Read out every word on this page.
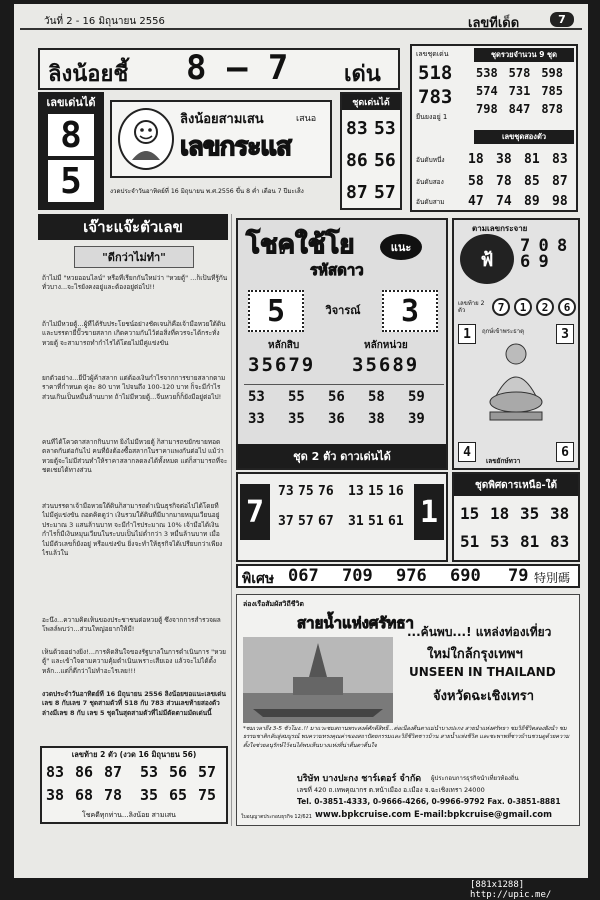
วันที่ 2 - 16 มิถุนายน 2556	เลขทีเด็ด	7
ลิงน้อยชี้ 8 – 7	เด่น
เลขเด่นได้
8
5
ลิงน้อยสามเสน	เสนอ
เลขกระแส
งวดประจำวันอาทิตย์ที่ 16 มิถุนายน พ.ศ.2556 ขึ้น 8 ค่ำ เดือน 7 ปีมะเส็ง
ชุดเด่นได้
83 53
86 56
87 57
เลขชุดเด่น
518
783
ยืนยงอยู่ 1
ชุดรวยจำนวน 9 ชุด
538	578	598
574	731	785
798	847	878
เลขชุดสองตัว
อันดับหนึ่ง 18 38 81 83
อันดับสอง 58 78 85 87
อันดับสาม 47 74 89 98
เจ๊าะแจ๊ะตัวเลข
"ดีกว่าไม่ทำ"

ถ้าไม่มี "หวยออนไลน์" หรือที่เรียกกันใหม่ว่า "หวยตู้" ...ก็เป็นที่รู้กันทั่วบาง...จะไรยังคงอยู่และต้องอยู่ต่อไป!!

ถ้าไม่มีหวยตู้...ผู้ที่ได้รับประโยชน์อย่างชัดเจนก็คือเจ้ามือหวยใต้ดิน และบรรดายี่ปั๊วขายสลาก เกิดความกันไว้ต่อสิ่งที่ควรจะได้กระทั่งหวยตู้ จะสามารถทำกำไรได้โดยไม่มีคู่แข่งขัน

ยกตัวอย่าง...ยี่ปั๊วผู้ค้าสลาก แต่ต้องเงินกำไรจากการขายสลากตามราคาที่กำหนด คู่ละ 80 บาท ไปจนถึง 100-120 บาท ก็จะมีกำไรส่วนเกินเป็นหมื่นล้านบาท ถ้าไม่มีหวยตู้...จีนหวยก็ก็ยังมีอยู่ต่อไป!

คนที่ได้โควตาสลากกินบาท ยิ่งไม่มีหวยตู้ ก็สามารถขยักขายทอดตลาดกันต่อกันไป คนที่ยังต้องซื้อสลากในราคาแพงกันต่อไป แม้ว่าหวยตู้จะไม่มีส่วนทำให้ราคาสลากลดลงได้ทั้งหมด แต่ก็สามารถที่จะชดเชยได้ทางส่วน

ส่วนบรรดาเจ้ามือหวยใต้ดินก็สามารถดำเนินธุรกิจต่อไปได้โดยที่ไม่มีคู่แข่งขัน ถอดคิดดูว่า เงินรวมใต้ดินที่มีมากมายหมุนเวียนอยู่ประมาณ 3 แสนล้านบาท จะมีกำไรประมาณ 10% เจ้ามือได้เงินกำไรก็มีเงินหมุนเวียนในระบบเป็นไม่ต่ำกว่า 3 หมื่นล้านบาท เมื่อไม่มีตัวเลขก็ยังอยู่ หรือแข่งขัน ยิ่งจะทำให้ธุรกิจได้เปรียบกว่าเพียงไรแล้วใน

อะนึ่ง...ความคิดเห็นของประชาชนต่อหวยตู้ ซึ่งจากการสำรวจผลโพลล์พบว่า...ส่วนใหญ่อยากให้มี!

เห็นด้วยอย่างยิ่ง!...การคิดสินใจของรัฐบาลในการดำเนินการ "หวยตู้" และเข้าใจตามความคุ้มดำเนินเพราะเสียเอง แล้วจะไม่ได้ตั้งหลัก...แต่ก็ดีกว่าไม่ทำอะไรเลย!!!

งวดประจำวันอาทิตย์ที่ 16 มิถุนายน 2556 ลิงน้อยขอแนะเลขเด่น เลข 8 กับเลข 7 ชุดสามตัวที่ 518 กับ 783 ส่วนเลขท้ายสองตัวล่างมีเลข 8 กับ เลข 5 ชุดในสุดสามตัวที่ไม่มีตัดตามมัดเด่นนี้

เลขท้าย 2 ตัว (งวด 16 มิถุนายน 56)
83 86 87 53 56 57
38 68 78 35 65 75
โชคดีทุกท่าน...ลิงน้อย สามเสน
โชคใช้โย	แนะ
รหัสดาว
5	วิจารณ์	3
หลักสิบ	หลักหน่วย
35679 35689
53 55 56 58 59
33 35 36 38 39
ชุด 2 ตัว ดาวเด่นได้
ตามเลขกระจาย
ฟ้
7 0 8 6 9
เลขท้าย 2 ตัว	7	1	2	6
1	3
ฤกษ์เข้าพระธาตุ
4	6
เลขยักษ์ทวา
7
73 75 76 13 15 16
37 57 67 31 51 61 1
ชุดพิศดารเหนือ-ใต้
15 18 35 38
51 53 81 83
พิเศษ 067 709 976 690 79 特別碼
ล่องเรือสัมผัสวิถีชีวิต
สายน้ำแห่งศรัทธา
...ค้นพบ...! แหล่งท่องเที่ยว
ใหม่ใกล้กรุงเทพฯ
UNSEEN IN THAILAND
จังหวัดฉะเชิงเทรา

*ชมเวลาถึง 3-5 ชั่วโมง..!! มาแวะชมสถานพระสงค์ศักดิ์สิทธิ์...ต่อเนื่องตื่นตาแม่น้ำบางปะกง สายน้ำแห่งศรัทธา ชมวิถีชีวิตสองฝั่งน้ำ ชมธรรมชาติกลับสู่สมบูรณ์ พบความทรงคุณค่าของสถาปัตยกรรมและวิถีชีวิตชาวบ้าน สายน้ำแห่งชีวิต และชะพาพที่ชาวบ้านชวนดูด้วยความตั้งใจช่วยอนุรักษ์ไว้จนได้พบเห็นบางแห่งที่น่าตื่นตาตื่นใจ

บริษัท บางปะกง ชาร์เตอร์ จำกัด ผู้ประกอบการธุรกิจนำเที่ยวท้องถิ่น
เลขที่ 420 ถ.เทพคุณากร ต.หน้าเมือง อ.เมือง จ.ฉะเชิงเทรา 24000
Tel. 0-3851-4333, 0-9666-4266, 0-9966-9792 Fax. 0-3851-8881
www.bpkcruise.com E-mail:bpkcruise@gmail.com
ใบอนุญาตประกอบธุรกิจ 12/621
[881x1288] http://upic.me/
